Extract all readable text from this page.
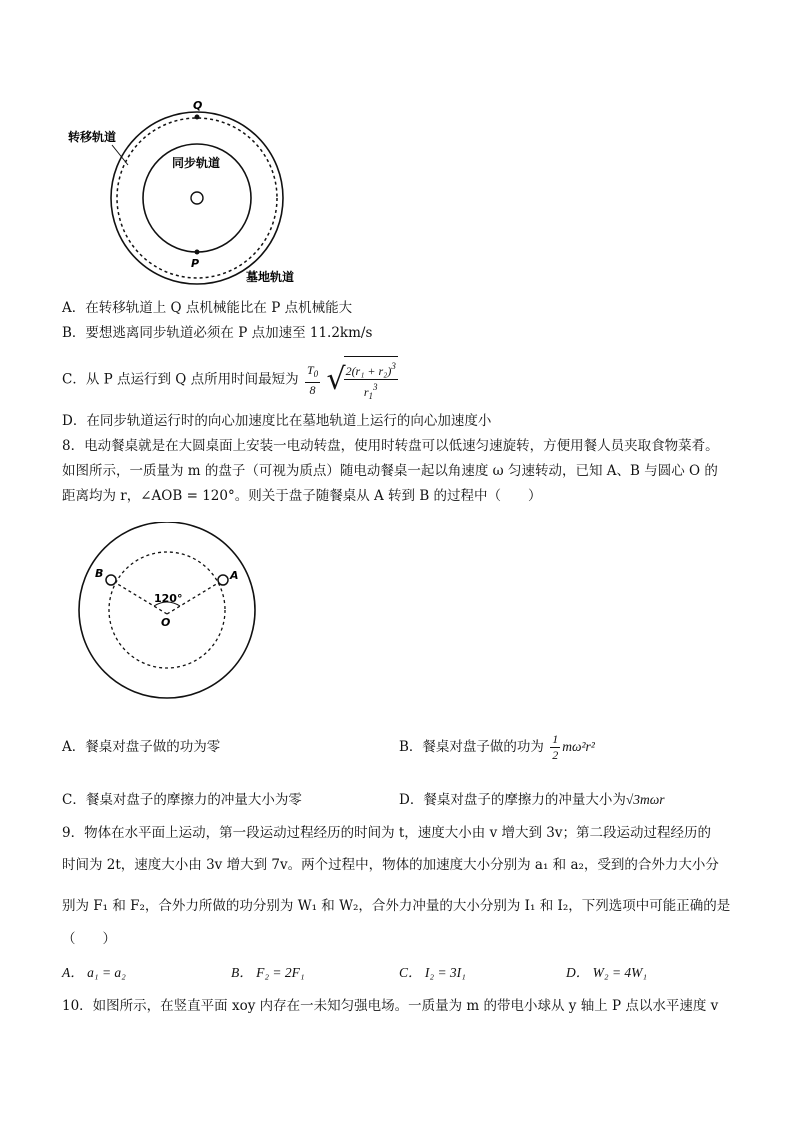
Q
P
转移轨道
同步轨道
墓地轨道
A．在转移轨道上 Q 点机械能比在 P 点机械能大
B．要想逃离同步轨道必须在 P 点加速至 11.2km/s
C．从 P 点运行到 Q 点所用时间最短为 $\frac{T_0}{8}$ √
$\frac{2(r_1 + r_2)^3}{r_1^3}$
D．在同步轨道运行时的向心加速度比在墓地轨道上运行的向心加速度小
8．电动餐桌就是在大圆桌面上安装一电动转盘，使用时转盘可以低速匀速旋转，方便用餐人员夹取食物菜肴。
如图所示，一质量为 m 的盘子（可视为质点）随电动餐桌一起以角速度 ω 匀速转动，已知 A、B 与圆心 O 的
距离均为 r，∠AOB = 120°。则关于盘子随餐桌从 A 转到 B 的过程中（　　）
B	A
O
120°
A．餐桌对盘子做的功为零	B．餐桌对盘子做的功为 $\frac{1}{2} m\omega^2r^2$
C．餐桌对盘子的摩擦力的冲量大小为零	D．餐桌对盘子的摩擦力的冲量大小为√3mωr
9．物体在水平面上运动，第一段运动过程经历的时间为 t，速度大小由 v 增大到 3v；第二段运动过程经历的
时间为 2t，速度大小由 3v 增大到 7v。两个过程中，物体的加速度大小分别为 a₁ 和 a₂，受到的合外力大小分
别为 F₁ 和 F₂，合外力所做的功分别为 W₁ 和 W₂，合外力冲量的大小分别为 I₁ 和 I₂，下列选项中可能正确的是
（　　）
A． a₁ = a₂	B． F₂ = 2F₁	C． I₂ = 3I₁	D． W₂ = 4W₁
10．如图所示，在竖直平面 xoy 内存在一未知匀强电场。一质量为 m 的带电小球从 y 轴上 P 点以水平速度 v
